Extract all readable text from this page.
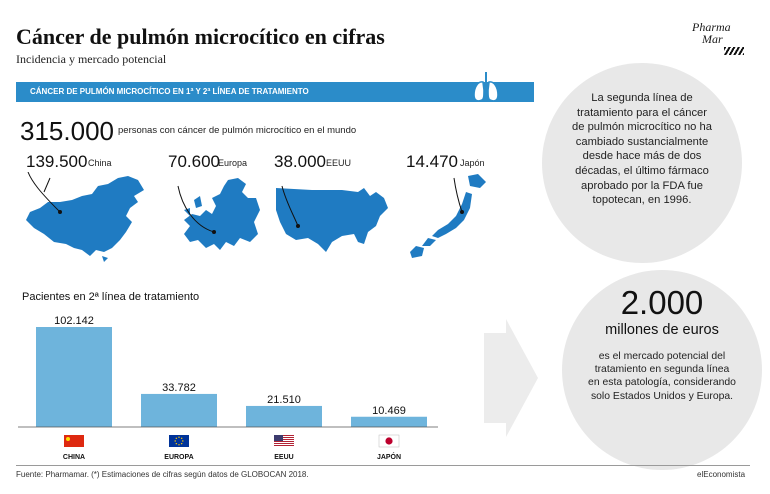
Cáncer de pulmón microcítico en cifras
Incidencia y mercado potencial
Pharma
Mar
CÁNCER DE PULMÓN MICROCÍTICO EN 1ª Y 2ª LÍNEA DE TRATAMIENTO
315.000 personas con cáncer de pulmón microcítico en el mundo
139.500 China	70.600
Europa 38.000 EEUU	14.470 Japón
Pacientes en 2ª línea de tratamiento
102.142
CHINA
33.782
EUROPA
21.510
EEUU
10.469
JAPÓN
La segunda línea de tratamiento para el cáncer de pulmón microcítico no ha cambiado sustancialmente desde hace más de dos décadas, el último fármaco aprobado por la FDA fue topotecan, en 1996.
2.000
millones de euros
es el mercado potencial del tratamiento en segunda línea en esta patología, considerando solo Estados Unidos y Europa.
Fuente: Pharmamar. (*) Estimaciones de cifras según datos de GLOBOCAN 2018.	elEconomista
